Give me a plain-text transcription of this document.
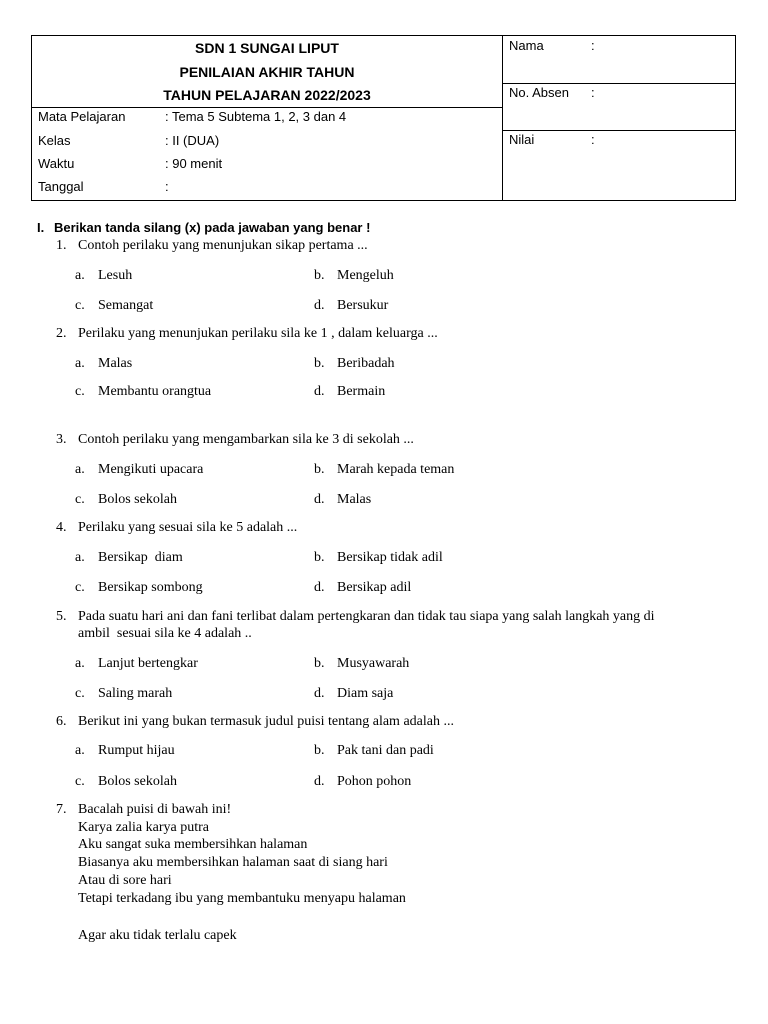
SDN 1 SUNGAI LIPUT
PENILAIAN AKHIR TAHUN
TAHUN PELAJARAN 2022/2023
Mata Pelajaran	: Tema 5 Subtema 1, 2, 3 dan 4
Kelas	: II (DUA)
Waktu	: 90 menit
Tanggal	:
Nama	:
No. Absen :
Nilai	:
I. Berikan tanda silang (x) pada jawaban yang benar !
1. Contoh perilaku yang menunjukan sikap pertama ...
a. Lesuh	b. Mengeluh
c. Semangat	d. Bersukur
2. Perilaku yang menunjukan perilaku sila ke 1 , dalam keluarga ...
a. Malas	b. Beribadah
c. Membantu orangtua	d. Bermain
3. Contoh perilaku yang mengambarkan sila ke 3 di sekolah ...
a. Mengikuti upacara	b. Marah kepada teman
c. Bolos sekolah	d. Malas
4. Perilaku yang sesuai sila ke 5 adalah ...
a. Bersikap  diam	b. Bersikap tidak adil
c. Bersikap sombong	d. Bersikap adil
5. Pada suatu hari ani dan fani terlibat dalam pertengkaran dan tidak tau siapa yang salah langkah yang di
ambil  sesuai sila ke 4 adalah ..
a. Lanjut bertengkar	b. Musyawarah
c. Saling marah	d. Diam saja
6. Berikut ini yang bukan termasuk judul puisi tentang alam adalah ...
a. Rumput hijau	b. Pak tani dan padi
c. Bolos sekolah	d. Pohon pohon
7. Bacalah puisi di bawah ini!
Karya zalia karya putra
Aku sangat suka membersihkan halaman
Biasanya aku membersihkan halaman saat di siang hari
Atau di sore hari
Tetapi terkadang ibu yang membantuku menyapu halaman
Agar aku tidak terlalu capek
